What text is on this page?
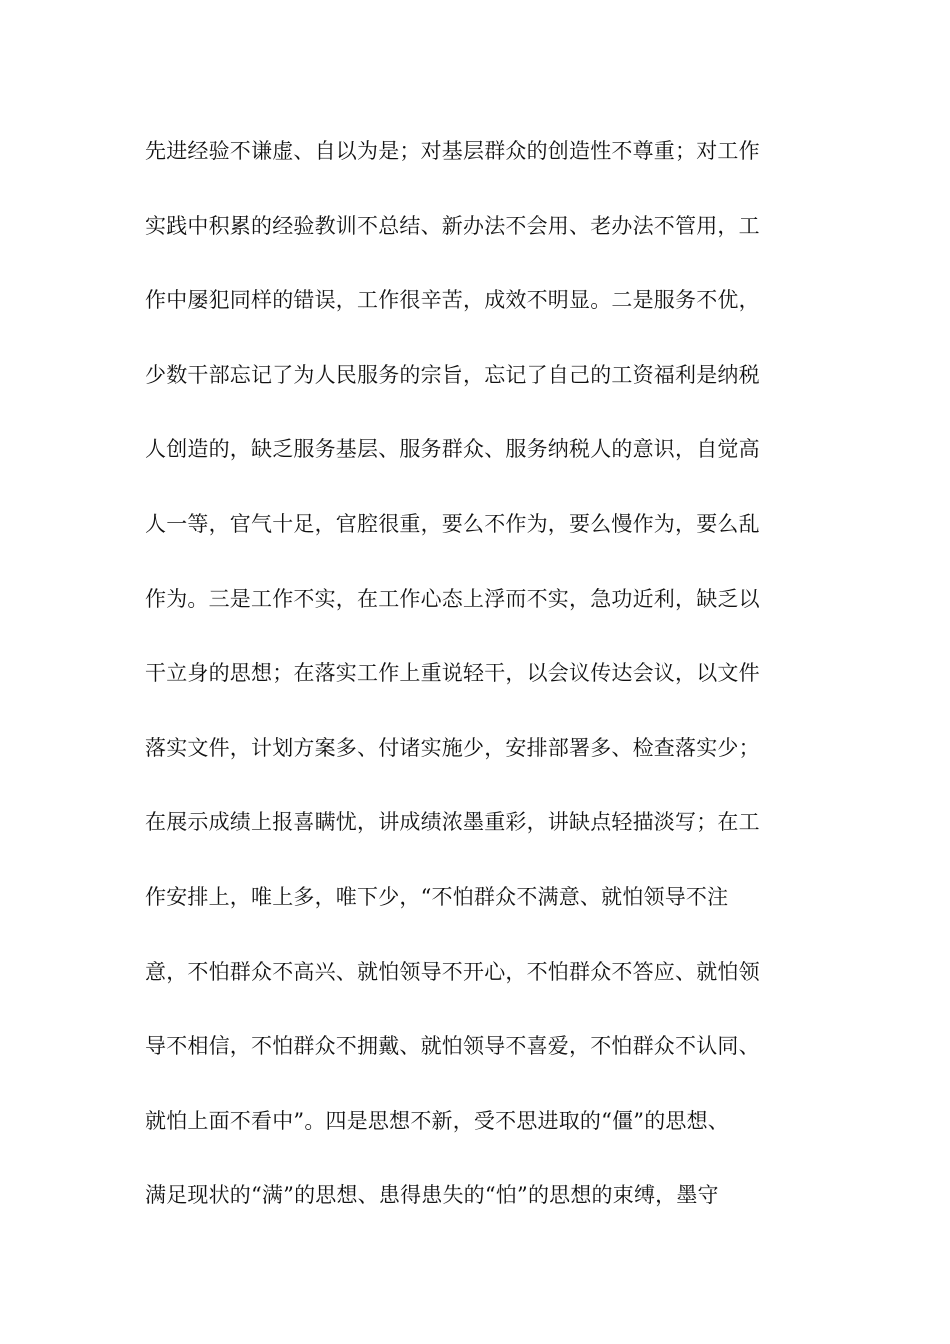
先进经验不谦虚、自以为是；对基层群众的创造性不尊重；对工作
实践中积累的经验教训不总结、新办法不会用、老办法不管用，工
作中屡犯同样的错误，工作很辛苦，成效不明显。二是服务不优，
少数干部忘记了为人民服务的宗旨，忘记了自己的工资福利是纳税
人创造的，缺乏服务基层、服务群众、服务纳税人的意识，自觉高
人一等，官气十足，官腔很重，要么不作为，要么慢作为，要么乱
作为。三是工作不实，在工作心态上浮而不实，急功近利，缺乏以
干立身的思想；在落实工作上重说轻干，以会议传达会议，以文件
落实文件，计划方案多、付诸实施少，安排部署多、检查落实少；
在展示成绩上报喜瞒忧，讲成绩浓墨重彩，讲缺点轻描淡写；在工
作安排上，唯上多，唯下少，“不怕群众不满意、就怕领导不注
意，不怕群众不高兴、就怕领导不开心，不怕群众不答应、就怕领
导不相信，不怕群众不拥戴、就怕领导不喜爱，不怕群众不认同、
就怕上面不看中”。四是思想不新，受不思进取的“僵”的思想、
满足现状的“满”的思想、患得患失的“怕”的思想的束缚，墨守
